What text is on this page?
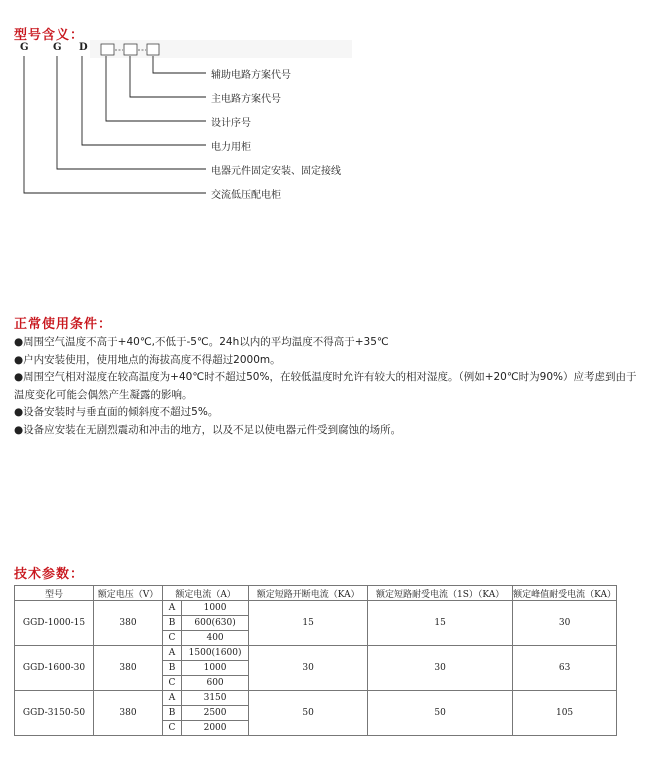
型号含义：
G G D
辅助电路方案代号
主电路方案代号
设计序号
电力用柜
电器元件固定安装、固定接线
交流低压配电柜
正常使用条件：

●周围空气温度不高于+40℃,不低于-5℃。24h以内的平均温度不得高于+35℃

●户内安装使用，使用地点的海拔高度不得超过2000m。

●周围空气相对湿度在较高温度为+40℃时不超过50%，在较低温度时允许有较大的相对湿度。（例如+20℃时为90%）应考虑到由于温度变化可能会偶然产生凝露的影响。

●设备安装时与垂直面的倾斜度不超过5%。

●设备应安装在无剧烈震动和冲击的地方，以及不足以使电器元件受到腐蚀的场所。

技术参数：
型号	额定电压（V）	额定电流（A）		额定短路开断电流（KA）	额定短路耐受电流（1S）（KA）	额定峰值耐受电流（KA）
GGD-1000-15	380	A	1000	15	15	30
		B	600(630)			
		C	400			
GGD-1600-30	380	A	1500(1600)	30	30	63
		B	1000			
		C	600			
GGD-3150-50	380	A	3150	50	50	105
		B	2500			
		C	2000			
